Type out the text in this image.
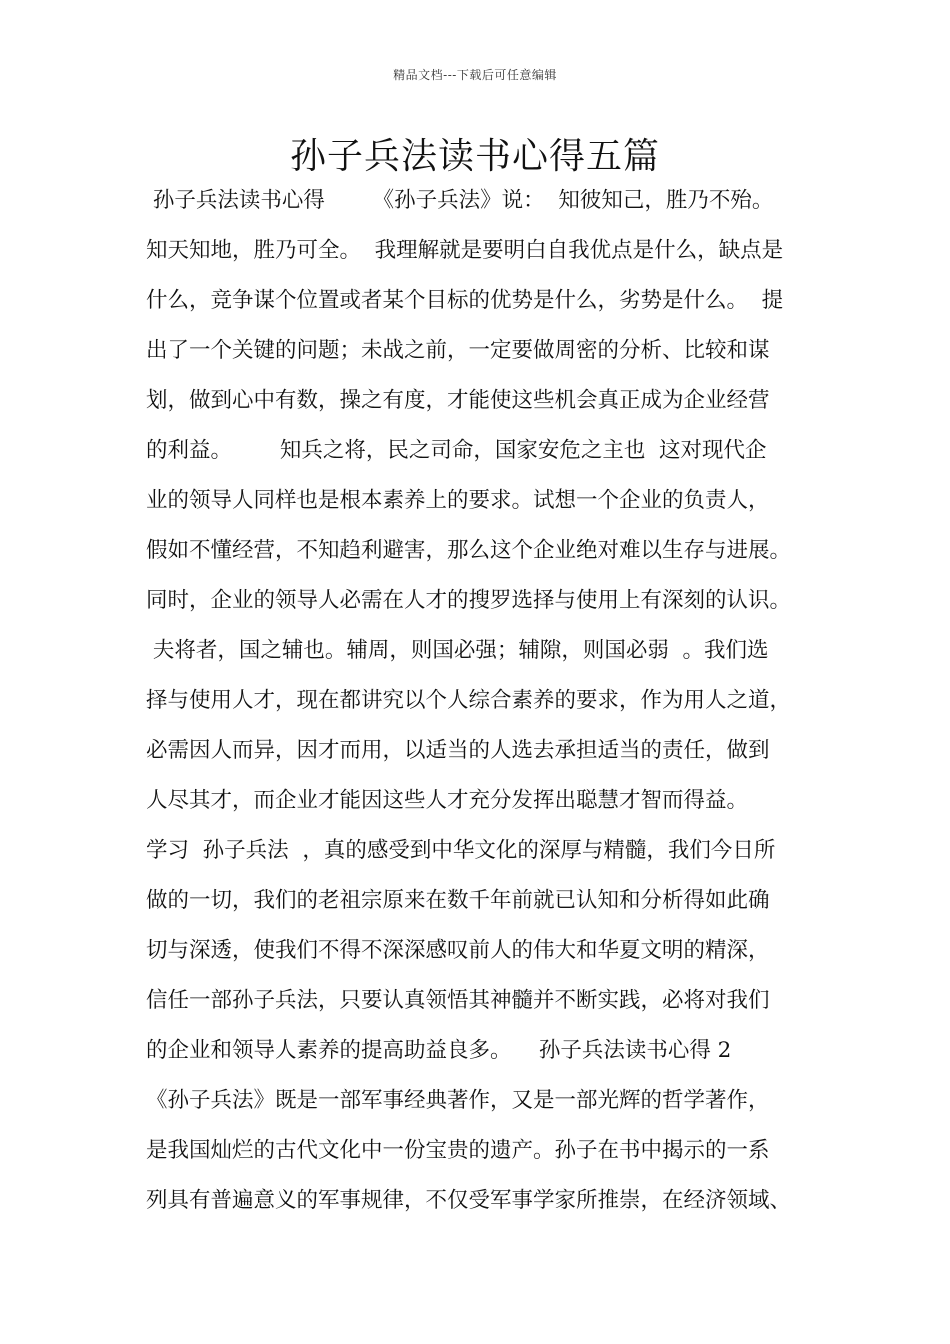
精品文档---下载后可任意编辑
孙子兵法读书心得五篇
孙子兵法读书心得       《孙子兵法》说：  知彼知己，胜乃不殆。
知天知地，胜乃可全。  我理解就是要明白自我优点是什么，缺点是
什么，竞争谋个位置或者某个目标的优势是什么，劣势是什么。  提
出了一个关键的问题；未战之前，一定要做周密的分析、比较和谋
划，做到心中有数，操之有度，才能使这些机会真正成为企业经营
的利益。       知兵之将，民之司命，国家安危之主也  这对现代企
业的领导人同样也是根本素养上的要求。试想一个企业的负责人，
假如不懂经营，不知趋利避害，那么这个企业绝对难以生存与进展。
同时，企业的领导人必需在人才的搜罗选择与使用上有深刻的认识。
夫将者，国之辅也。辅周，则国必强；辅隙，则国必弱  。我们选
择与使用人才，现在都讲究以个人综合素养的要求，作为用人之道，
必需因人而异，因才而用，以适当的人选去承担适当的责任，做到
人尽其才，而企业才能因这些人才充分发挥出聪慧才智而得益。
学习  孙子兵法  ，真的感受到中华文化的深厚与精髓，我们今日所
做的一切，我们的老祖宗原来在数千年前就已认知和分析得如此确
切与深透，使我们不得不深深感叹前人的伟大和华夏文明的精深，
信任一部孙子兵法，只要认真领悟其神髓并不断实践，必将对我们
的企业和领导人素养的提高助益良多。    孙子兵法读书心得 2
《孙子兵法》既是一部军事经典著作，又是一部光辉的哲学著作，
是我国灿烂的古代文化中一份宝贵的遗产。孙子在书中揭示的一系
列具有普遍意义的军事规律，不仅受军事学家所推崇，在经济领域、
